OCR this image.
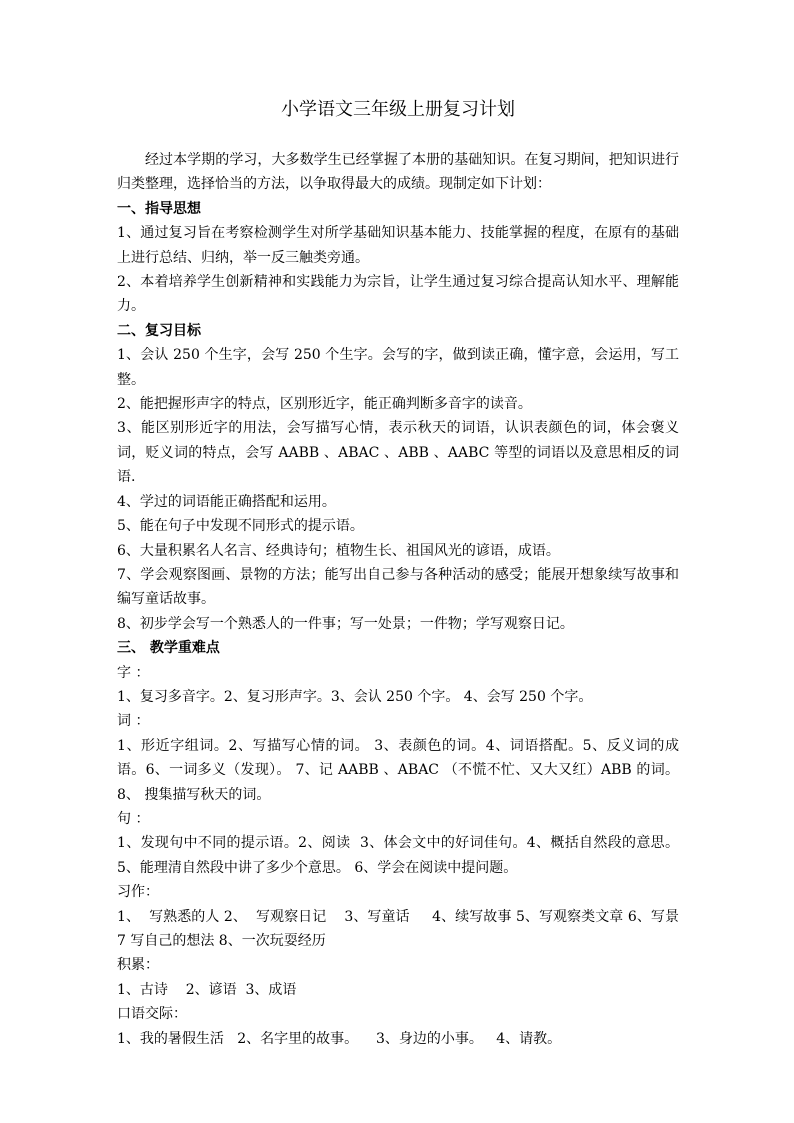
小学语文三年级上册复习计划

经过本学期的学习，大多数学生已经掌握了本册的基础知识。在复习期间，把知识进行归类整理，选择恰当的方法，以争取得最大的成绩。现制定如下计划：

一、指导思想

1、通过复习旨在考察检测学生对所学基础知识基本能力、技能掌握的程度，在原有的基础上进行总结、归纳，举一反三触类旁通。

2、本着培养学生创新精神和实践能力为宗旨，让学生通过复习综合提高认知水平、理解能力。

二、复习目标

1、会认 250 个生字，会写 250 个生字。会写的字，做到读正确，懂字意，会运用，写工整。

2、能把握形声字的特点，区别形近字，能正确判断多音字的读音。

3、能区别形近字的用法，会写描写心情，表示秋天的词语，认识表颜色的词，体会褒义词，贬义词的特点，会写 AABB 、ABAC 、ABB 、AABC 等型的词语以及意思相反的词语.

4、学过的词语能正确搭配和运用。

5、能在句子中发现不同形式的提示语。

6、大量积累名人名言、经典诗句；植物生长、祖国风光的谚语，成语。

7、学会观察图画、景物的方法；能写出自己参与各种活动的感受；能展开想象续写故事和编写童话故事。

8、初步学会写一个熟悉人的一件事；写一处景；一件物；学写观察日记。

三、 教学重难点

字 ：

1、复习多音字。2、复习形声字。3、会认 250 个字。 4、会写 250 个字。

词 ：

1、形近字组词。2、写描写心情的词。 3、表颜色的词。4、词语搭配。5、反义词的成语。6、一词多义（发现）。 7、记 AABB 、ABAC （不慌不忙、又大又红）ABB 的词。8、 搜集描写秋天的词。

句 ：

1、发现句中不同的提示语。2、阅读  3、体会文中的好词佳句。4、概括自然段的意思。5、能理清自然段中讲了多少个意思。 6、学会在阅读中提问题。

习作：

1、  写熟悉的人 2、  写观察日记    3、写童话     4、续写故事 5、写观察类文章 6、写景 7 写自己的想法 8、一次玩耍经历

积累：

1、古诗    2、谚语  3、成语

口语交际：

1、我的暑假生活   2、名字里的故事。    3、身边的小事。   4、请教。
